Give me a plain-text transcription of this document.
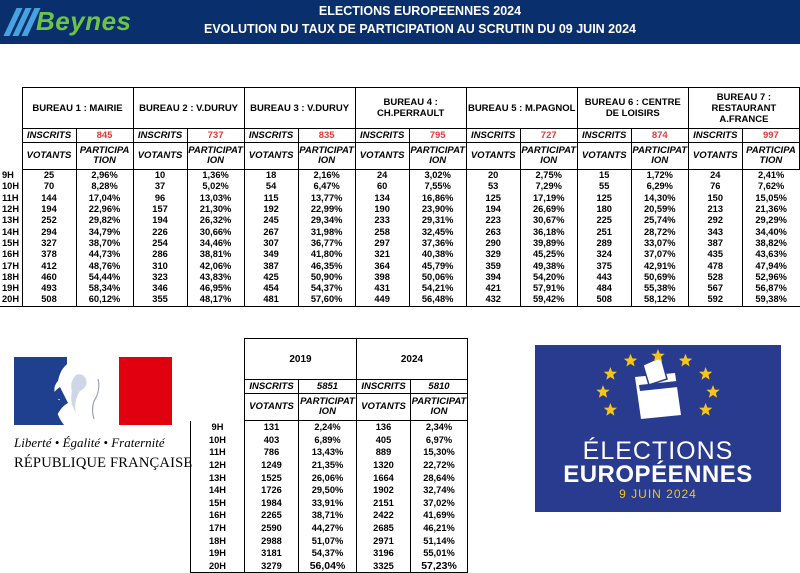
Beynes	ELECTIONS EUROPEENNES 2024
EVOLUTION DU TAUX DE PARTICIPATION AU SCRUTIN DU 09 JUIN 2024
	BUREAU 1 : MAIRIE		BUREAU 2 : V.DURUY		BUREAU 3 : V.DURUY		BUREAU 4 : CH.PERRAULT		BUREAU 5 : M.PAGNOL		BUREAU 6 : CENTRE DE LOISIRS		BUREAU 7 : RESTAURANT A.FRANCE	
	INSCRITS	845	INSCRITS	737	INSCRITS	835	INSCRITS	795	INSCRITS	727	INSCRITS	874	INSCRITS	997
	VOTANTS	PARTICIPA TION	VOTANTS	PARTICIPAT ION	VOTANTS	PARTICIPAT ION	VOTANTS	PARTICIPAT ION	VOTANTS	PARTICIPAT ION	VOTANTS	PARTICIPAT ION	VOTANTS	PARTICIPA TION
9H	25	2,96%	10	1,36%	18	2,16%	24	3,02%	20	2,75%	15	1,72%	24	2,41%
10H	70	8,28%	37	5,02%	54	6,47%	60	7,55%	53	7,29%	55	6,29%	76	7,62%
11H	144	17,04%	96	13,03%	115	13,77%	134	16,86%	125	17,19%	125	14,30%	150	15,05%
12H	194	22,96%	157	21,30%	192	22,99%	190	23,90%	194	26,69%	180	20,59%	213	21,36%
13H	252	29,82%	194	26,32%	245	29,34%	233	29,31%	223	30,67%	225	25,74%	292	29,29%
14H	294	34,79%	226	30,66%	267	31,98%	258	32,45%	263	36,18%	251	28,72%	343	34,40%
15H	327	38,70%	254	34,46%	307	36,77%	297	37,36%	290	39,89%	289	33,07%	387	38,82%
16H	378	44,73%	286	38,81%	349	41,80%	321	40,38%	329	45,25%	324	37,07%	435	43,63%
17H	412	48,76%	310	42,06%	387	46,35%	364	45,79%	359	49,38%	375	42,91%	478	47,94%
18H	460	54,44%	323	43,83%	425	50,90%	398	50,06%	394	54,20%	443	50,69%	528	52,96%
19H	493	58,34%	346	46,95%	454	54,37%	431	54,21%	421	57,91%	484	55,38%	567	56,87%
20H	508	60,12%	355	48,17%	481	57,60%	449	56,48%	432	59,42%	508	58,12%	592	59,38%
	2019		2024	
	INSCRITS	5851	INSCRITS	5810
	VOTANTS	PARTICIPAT ION	VOTANTS	PARTICIPAT ION
9H	131	2,24%	136	2,34%
10H	403	6,89%	405	6,97%
11H	786	13,43%	889	15,30%
12H	1249	21,35%	1320	22,72%
13H	1525	26,06%	1664	28,64%
14H	1726	29,50%	1902	32,74%
15H	1984	33,91%	2151	37,02%
16H	2265	38,71%	2422	41,69%
17H	2590	44,27%	2685	46,21%
18H	2988	51,07%	2971	51,14%
19H	3181	54,37%	3196	55,01%
20H	3279	56,04%	3325	57,23%
Liberté • Égalité • Fraternité
RÉPUBLIQUE FRANÇAISE	ÉLECTIONS
EUROPÉENNES
9 JUIN 2024
